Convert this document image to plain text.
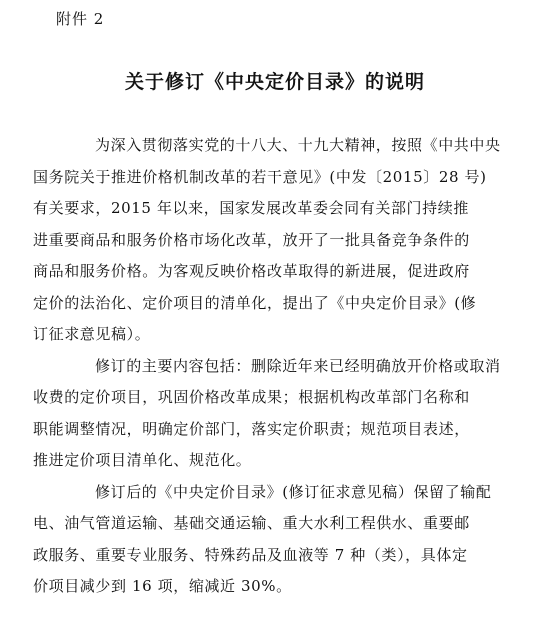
附件 2
关于修订《中央定价目录》的说明

为深入贯彻落实党的十八大、十九大精神，按照《中共中央
国务院关于推进价格机制改革的若干意见》(中发〔2015〕28 号)
有关要求，2015 年以来，国家发展改革委会同有关部门持续推
进重要商品和服务价格市场化改革，放开了一批具备竞争条件的
商品和服务价格。为客观反映价格改革取得的新进展，促进政府
定价的法治化、定价项目的清单化，提出了《中央定价目录》(修
订征求意见稿）。

修订的主要内容包括：删除近年来已经明确放开价格或取消
收费的定价项目，巩固价格改革成果；根据机构改革部门名称和
职能调整情况，明确定价部门，落实定价职责；规范项目表述，
推进定价项目清单化、规范化。

修订后的《中央定价目录》(修订征求意见稿）保留了输配
电、油气管道运输、基础交通运输、重大水利工程供水、重要邮
政服务、重要专业服务、特殊药品及血液等 7 种（类），具体定
价项目减少到 16 项，缩减近 30%。
